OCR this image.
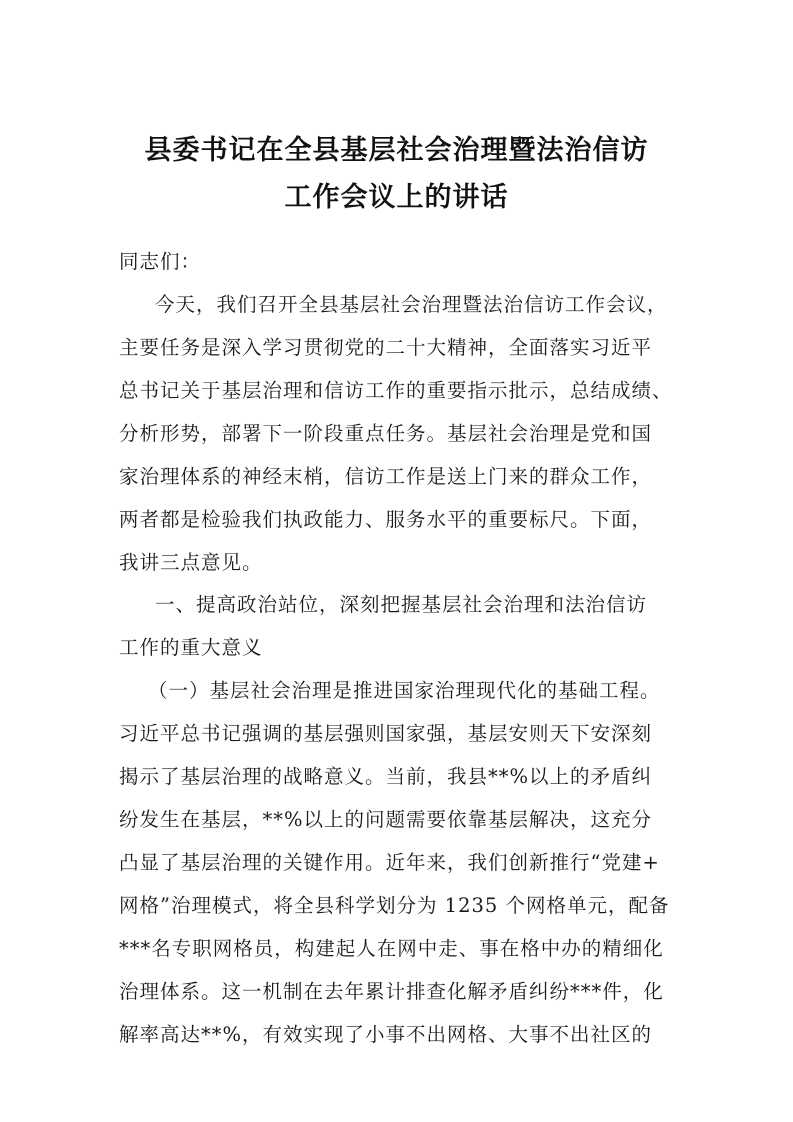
县委书记在全县基层社会治理暨法治信访
工作会议上的讲话
同志们：
今天，我们召开全县基层社会治理暨法治信访工作会议，
主要任务是深入学习贯彻党的二十大精神，全面落实习近平
总书记关于基层治理和信访工作的重要指示批示，总结成绩、
分析形势，部署下一阶段重点任务。基层社会治理是党和国
家治理体系的神经末梢，信访工作是送上门来的群众工作，
两者都是检验我们执政能力、服务水平的重要标尺。下面，
我讲三点意见。
一、提高政治站位，深刻把握基层社会治理和法治信访
工作的重大意义
（一）基层社会治理是推进国家治理现代化的基础工程。
习近平总书记强调的基层强则国家强，基层安则天下安深刻
揭示了基层治理的战略意义。当前，我县**%以上的矛盾纠
纷发生在基层，**%以上的问题需要依靠基层解决，这充分
凸显了基层治理的关键作用。近年来，我们创新推行“党建+
网格”治理模式，将全县科学划分为 1235 个网格单元，配备
***名专职网格员，构建起人在网中走、事在格中办的精细化
治理体系。这一机制在去年累计排查化解矛盾纠纷***件，化
解率高达**%，有效实现了小事不出网格、大事不出社区的
